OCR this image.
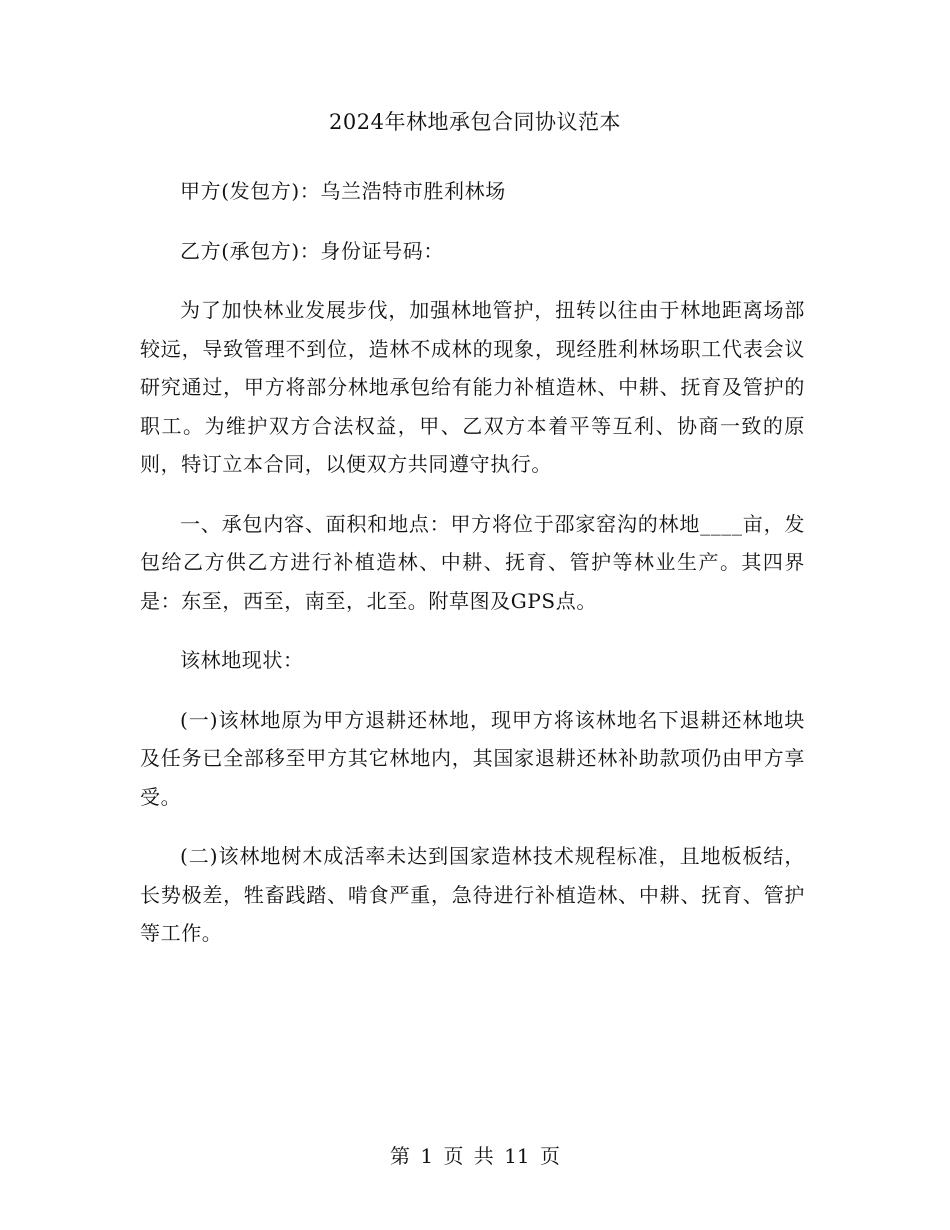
2024年林地承包合同协议范本

甲方(发包方)：乌兰浩特市胜利林场

乙方(承包方)：身份证号码：

为了加快林业发展步伐，加强林地管护，扭转以往由于林地距离场部较远，导致管理不到位，造林不成林的现象，现经胜利林场职工代表会议研究通过，甲方将部分林地承包给有能力补植造林、中耕、抚育及管护的职工。为维护双方合法权益，甲、乙双方本着平等互利、协商一致的原则，特订立本合同，以便双方共同遵守执行。

一、承包内容、面积和地点：甲方将位于邵家窑沟的林地____亩，发包给乙方供乙方进行补植造林、中耕、抚育、管护等林业生产。其四界是：东至，西至，南至，北至。附草图及GPS点。

该林地现状：

(一)该林地原为甲方退耕还林地，现甲方将该林地名下退耕还林地块及任务已全部移至甲方其它林地内，其国家退耕还林补助款项仍由甲方享受。

(二)该林地树木成活率未达到国家造林技术规程标准，且地板板结，长势极差，牲畜践踏、啃食严重，急待进行补植造林、中耕、抚育、管护等工作。

第 1 页 共 11 页
